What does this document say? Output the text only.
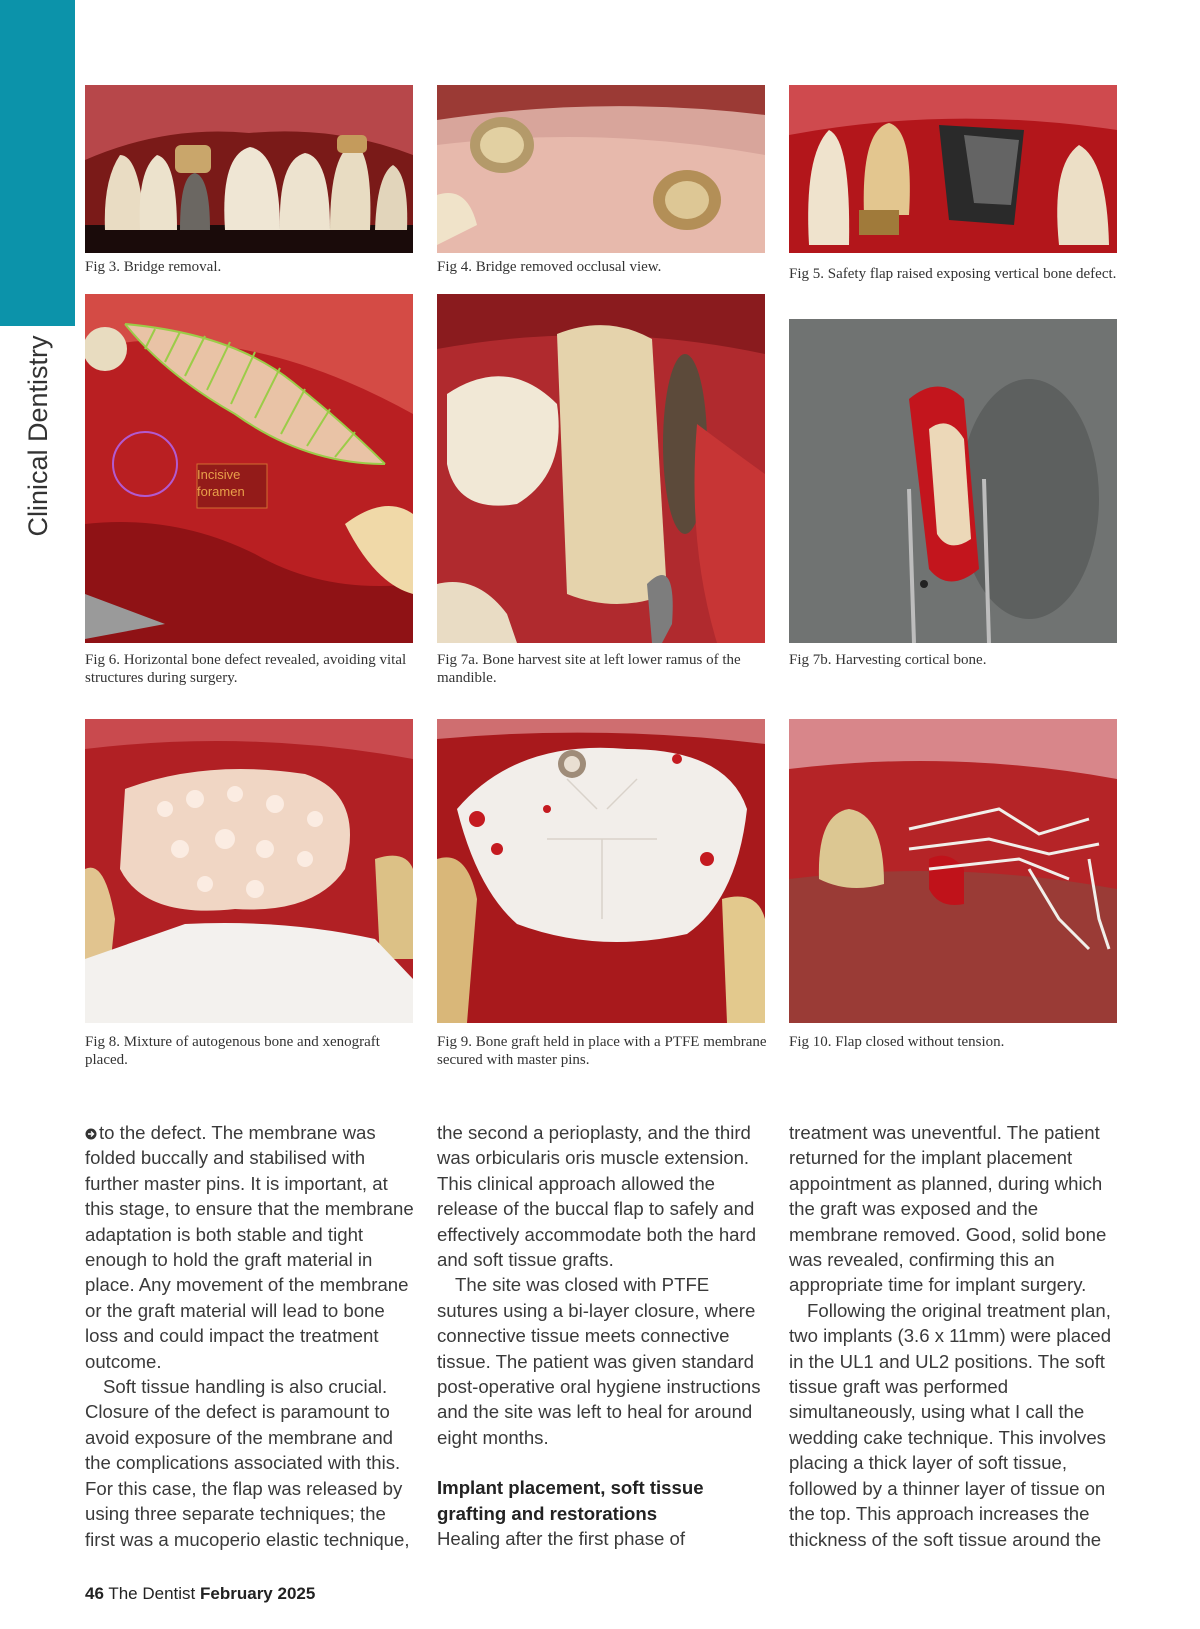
Clinical Dentistry

Fig 3. Bridge removal.	Fig 4. Bridge removed occlusal view.	Fig 5. Safety flap raised exposing vertical bone defect.

Incisive foramen

Fig 6. Horizontal bone defect revealed, avoiding vital structures during surgery.

Fig 7a. Bone harvest site at left lower ramus of the mandible.

Fig 7b. Harvesting cortical bone.

Fig 8. Mixture of autogenous bone and xenograft placed.

Fig 9. Bone graft held in place with a PTFE membrane secured with master pins.

Fig 10. Flap closed without tension.

to the defect. The membrane was folded buccally and stabilised with further master pins. It is important, at this stage, to ensure that the membrane adaptation is both stable and tight enough to hold the graft material in place. Any movement of the membrane or the graft material will lead to bone loss and could impact the treatment outcome.

Soft tissue handling is also crucial. Closure of the defect is paramount to avoid exposure of the membrane and the complications associated with this. For this case, the flap was released by using three separate techniques; the first was a mucoperio elastic technique,

the second a perioplasty, and the third was orbicularis oris muscle extension. This clinical approach allowed the release of the buccal flap to safely and effectively accommodate both the hard and soft tissue grafts.

The site was closed with PTFE sutures using a bi-layer closure, where connective tissue meets connective tissue. The patient was given standard post-operative oral hygiene instructions and the site was left to heal for around eight months.

Implant placement, soft tissue grafting and restorations

Healing after the first phase of

treatment was uneventful. The patient returned for the implant placement appointment as planned, during which the graft was exposed and the membrane removed. Good, solid bone was revealed, confirming this an appropriate time for implant surgery.

Following the original treatment plan, two implants (3.6 x 11mm) were placed in the UL1 and UL2 positions. The soft tissue graft was performed simultaneously, using what I call the wedding cake technique. This involves placing a thick layer of soft tissue, followed by a thinner layer of tissue on the top. This approach increases the thickness of the soft tissue around the

46 The Dentist February 2025
